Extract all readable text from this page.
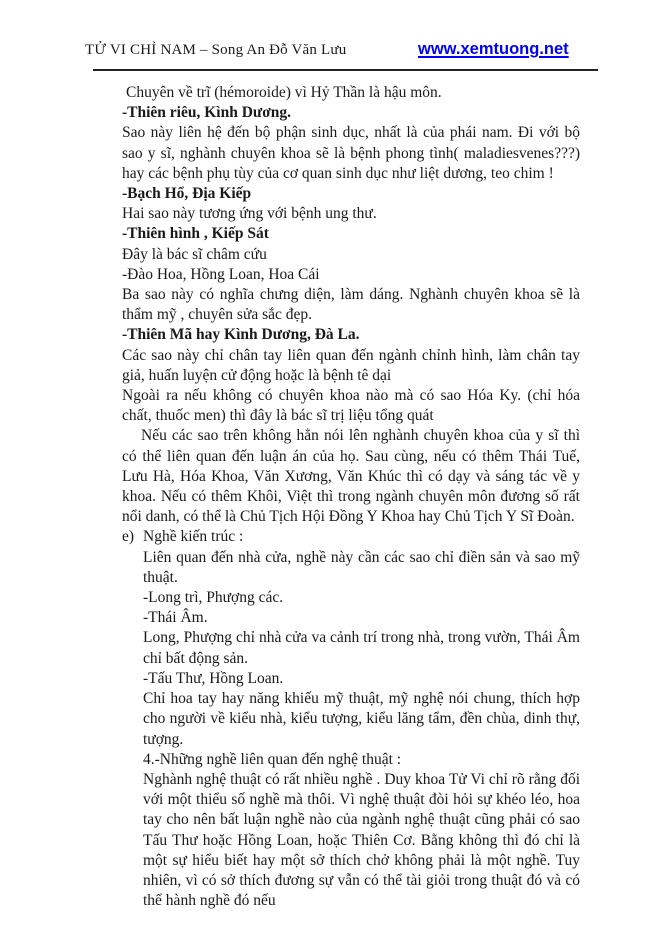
TỬ VI CHỈ NAM – Song An Đỗ Văn Lưu	www.xemtuong.net

Chuyên về trĩ (hémoroide) vì Hỷ Thần là hậu môn.

-Thiên riêu, Kình Dương.

Sao này liên hệ đến bộ phận sinh dục, nhất là của phái nam. Đi với bộ sao y sĩ, nghành chuyên khoa sẽ là bệnh phong tình( maladiesvenes???) hay các bệnh phụ tùy của cơ quan sinh dục như liệt dương, teo chim !

-Bạch Hổ, Địa Kiếp

Hai sao này tương ứng với bệnh ung thư.

-Thiên hình , Kiếp Sát

Đây là bác sĩ châm cứu

-Đào Hoa, Hồng Loan, Hoa Cái

Ba sao này có nghĩa chưng diện, làm dáng. Nghành chuyên khoa sẽ là thẩm mỹ , chuyên sửa sắc đẹp.

-Thiên Mã hay Kình Dương, Đà La.

Các sao này chỉ chân tay liên quan đến ngành chỉnh hình, làm chân tay giả, huấn luyện cử động hoặc là bệnh tê dại

Ngoài ra nếu không có chuyên khoa nào mà có sao Hóa Ky. (chỉ hóa chất, thuốc men) thì đây là bác sĩ trị liệu tổng quát

Nếu các sao trên không hẳn nói lên nghành chuyên khoa của y sĩ thì có thể liên quan đến luận án của họ. Sau cùng, nếu có thêm Thái Tuế, Lưu Hà, Hóa Khoa, Văn Xương, Văn Khúc thì có dạy và sáng tác về y khoa. Nếu có thêm Khôi, Việt thì trong ngành chuyên môn đương số rất nổi danh, có thể là Chủ Tịch Hội Đồng Y Khoa hay Chủ Tịch Y Sĩ Đoàn.

e) Nghề kiến trúc :

Liên quan đến nhà cửa, nghề này cần các sao chỉ điền sản và sao mỹ thuật.

-Long trì, Phượng các.

-Thái Âm.

Long, Phượng chỉ nhà cửa va cảnh trí trong nhà, trong vườn, Thái Âm chỉ bất động sản.

-Tấu Thư, Hồng Loan.

Chỉ hoa tay hay năng khiếu mỹ thuật, mỹ nghệ nói chung, thích hợp cho người về kiểu nhà, kiểu tượng, kiểu lăng tẩm, đền chùa, dinh thự, tượng.

4.-Những nghề liên quan đến nghệ thuật :

Nghành nghệ thuật có rất nhiều nghề . Duy khoa Tử Vi chỉ rõ rằng đối với một thiểu số nghề mà thôi. Vì nghệ thuật đòi hỏi sự khéo léo, hoa tay cho nên bất luận nghề nào của ngành nghệ thuật cũng phải có sao Tấu Thư hoặc Hồng Loan, hoặc Thiên Cơ. Bằng không thì đó chỉ là một sự hiểu biết hay một sở thích chở không phải là một nghề. Tuy nhiên, vì có sở thích đương sự vẫn có thể tài giỏi trong thuật đó và có thể hành nghề đó nếu
